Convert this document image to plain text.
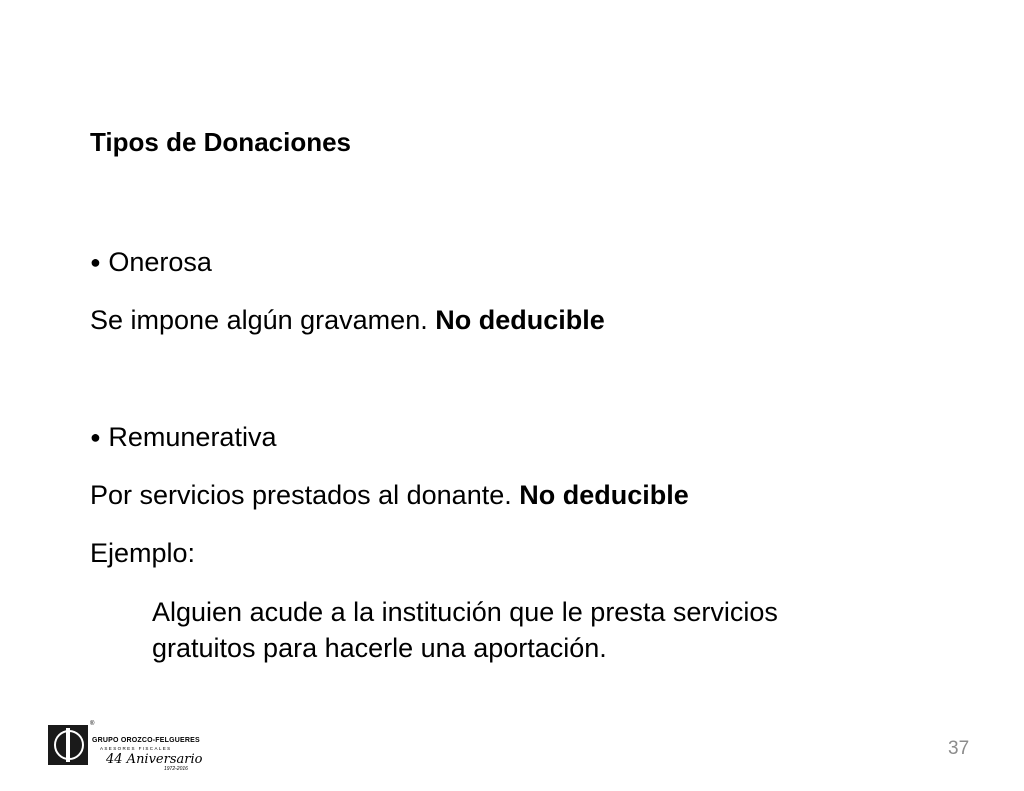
Tipos de Donaciones
● Onerosa
Se impone algún gravamen. No deducible
● Remunerativa
Por servicios prestados al donante. No deducible
Ejemplo:
Alguien acude a la institución que le presta servicios
gratuitos para hacerle una aportación.
®
GRUPO OROZCO-FELGUERES
ASESORES FISCALES
44 Aniversario
1972-2016
37
